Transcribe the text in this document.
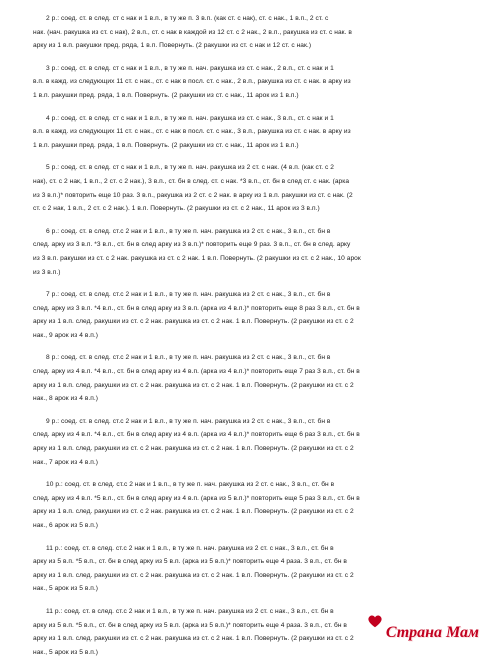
2 р.: соед. ст. в след. ст с нак и 1 в.п., в ту же п. 3 в.п. (как ст. с нак), ст. с нак., 1 в.п., 2 ст. с
нак. (нач. ракушка из ст. с нак), 2 в.п., ст. с нак в каждой из 12 ст. с 2 нак., 2 в.п., ракушка из ст. с нак. в
арку из 1 в.п. ракушки пред. ряда, 1 в.п. Повернуть. (2 ракушки из ст. с нак и 12 ст. с нак.)
3 р.: соед. ст. в след. ст с нак и 1 в.п., в ту же п. нач. ракушка из ст. с нак., 2 в.п., ст. с нак и 1
в.п. в кажд. из следующих 11 ст. с нак., ст. с нак в посл. ст. с нак., 2 в.п., ракушка из ст. с нак. в арку из
1 в.п. ракушки пред. ряда, 1 в.п. Повернуть. (2 ракушки из ст. с нак., 11 арок из 1 в.п.)
4 р.: соед. ст. в след. ст с нак и 1 в.п., в ту же п. нач. ракушка из ст. с нак., 3 в.п., ст. с нак и 1
в.п. в кажд. из следующих 11 ст. с нак., ст. с нак в посл. ст. с нак., 3 в.п., ракушка из ст. с нак. в арку из
1 в.п. ракушки пред. ряда, 1 в.п. Повернуть. (2 ракушки из ст. с нак., 11 арок из 1 в.п.)
5 р.: соед. ст. в след. ст с нак и 1 в.п., в ту же п. нач. ракушка из 2 ст. с нак. (4 в.п. (как ст. с 2
нак), ст. с 2 нак, 1 в.п., 2 ст. с 2 нак.), 3 в.п., ст. бн в след. ст. с нак. *3 в.п., ст. бн в след ст. с нак. (арка
из 3 в.п.)* повторить еще 10 раз. 3 в.п., ракушка из 2 ст. с 2 нак. в арку из 1 в.п. ракушки из ст. с нак. (2
ст. с 2 нак, 1 в.п., 2 ст. с 2 нак.). 1 в.п. Повернуть. (2 ракушки из ст. с 2 нак., 11 арок из 3 в.п.)
6 р.: соед. ст. в след. ст.с 2 нак и 1 в.п., в ту же п. нач. ракушка из 2 ст. с нак., 3 в.п., ст. бн в
след. арку из 3 в.п. *3 в.п., ст. бн в след арку из 3 в.п.)* повторить еще 9 раз. 3 в.п., ст. бн в след. арку
из 3 в.п. ракушки из ст. с 2 нак. ракушка из ст. с 2 нак. 1 в.п. Повернуть. (2 ракушки из ст. с 2 нак., 10 арок
из 3 в.п.)
7 р.: соед. ст. в след. ст.с 2 нак и 1 в.п., в ту же п. нач. ракушка из 2 ст. с нак., 3 в.п., ст. бн в
след. арку из 3 в.п. *4 в.п., ст. бн в след арку из 3 в.п. (арка из 4 в.п.)* повторить еще 8 раз 3 в.п., ст. бн в
арку из 1 в.п. след. ракушки из ст. с 2 нак. ракушка из ст. с 2 нак. 1 в.п. Повернуть. (2 ракушки из ст. с 2
нак., 9 арок из 4 в.п.)
8 р.: соед. ст. в след. ст.с 2 нак и 1 в.п., в ту же п. нач. ракушка из 2 ст. с нак., 3 в.п., ст. бн в
след. арку из 4 в.п. *4 в.п., ст. бн в след арку из 4 в.п. (арка из 4 в.п.)* повторить еще 7 раз 3 в.п., ст. бн в
арку из 1 в.п. след. ракушки из ст. с 2 нак. ракушка из ст. с 2 нак. 1 в.п. Повернуть. (2 ракушки из ст. с 2
нак., 8 арок из 4 в.п.)
9 р.: соед. ст. в след. ст.с 2 нак и 1 в.п., в ту же п. нач. ракушка из 2 ст. с нак., 3 в.п., ст. бн в
след. арку из 4 в.п. *4 в.п., ст. бн в след арку из 4 в.п. (арка из 4 в.п.)* повторить еще 6 раз 3 в.п., ст. бн в
арку из 1 в.п. след. ракушки из ст. с 2 нак. ракушка из ст. с 2 нак. 1 в.п. Повернуть. (2 ракушки из ст. с 2
нак., 7 арок из 4 в.п.)
10 р.: соед. ст. в след. ст.с 2 нак и 1 в.п., в ту же п. нач. ракушка из 2 ст. с нак., 3 в.п., ст. бн в
след. арку из 4 в.п. *5 в.п., ст. бн в след арку из 4 в.п. (арка из 5 в.п.)* повторить еще 5 раз 3 в.п., ст. бн в
арку из 1 в.п. след. ракушки из ст. с 2 нак. ракушка из ст. с 2 нак. 1 в.п. Повернуть. (2 ракушки из ст. с 2
нак., 6 арок из 5 в.п.)
11 р.: соед. ст. в след. ст.с 2 нак и 1 в.п., в ту же п. нач. ракушка из 2 ст. с нак., 3 в.п., ст. бн в
арку из 5 в.п. *5 в.п., ст. бн в след арку из 5 в.п. (арка из 5 в.п.)* повторить еще 4 раза. 3 в.п., ст. бн в
арку из 1 в.п. след. ракушки из ст. с 2 нак. ракушка из ст. с 2 нак. 1 в.п. Повернуть. (2 ракушки из ст. с 2
нак., 5 арок из 5 в.п.)
11 р.: соед. ст. в след. ст.с 2 нак и 1 в.п., в ту же п. нач. ракушка из 2 ст. с нак., 3 в.п., ст. бн в
арку из 5 в.п. *5 в.п., ст. бн в след арку из 5 в.п. (арка из 5 в.п.)* повторить еще 4 раза. 3 в.п., ст. бн в
арку из 1 в.п. след. ракушки из ст. с 2 нак. ракушка из ст. с 2 нак. 1 в.п. Повернуть. (2 ракушки из ст. с 2
нак., 5 арок из 5 в.п.)
Страна Мам
